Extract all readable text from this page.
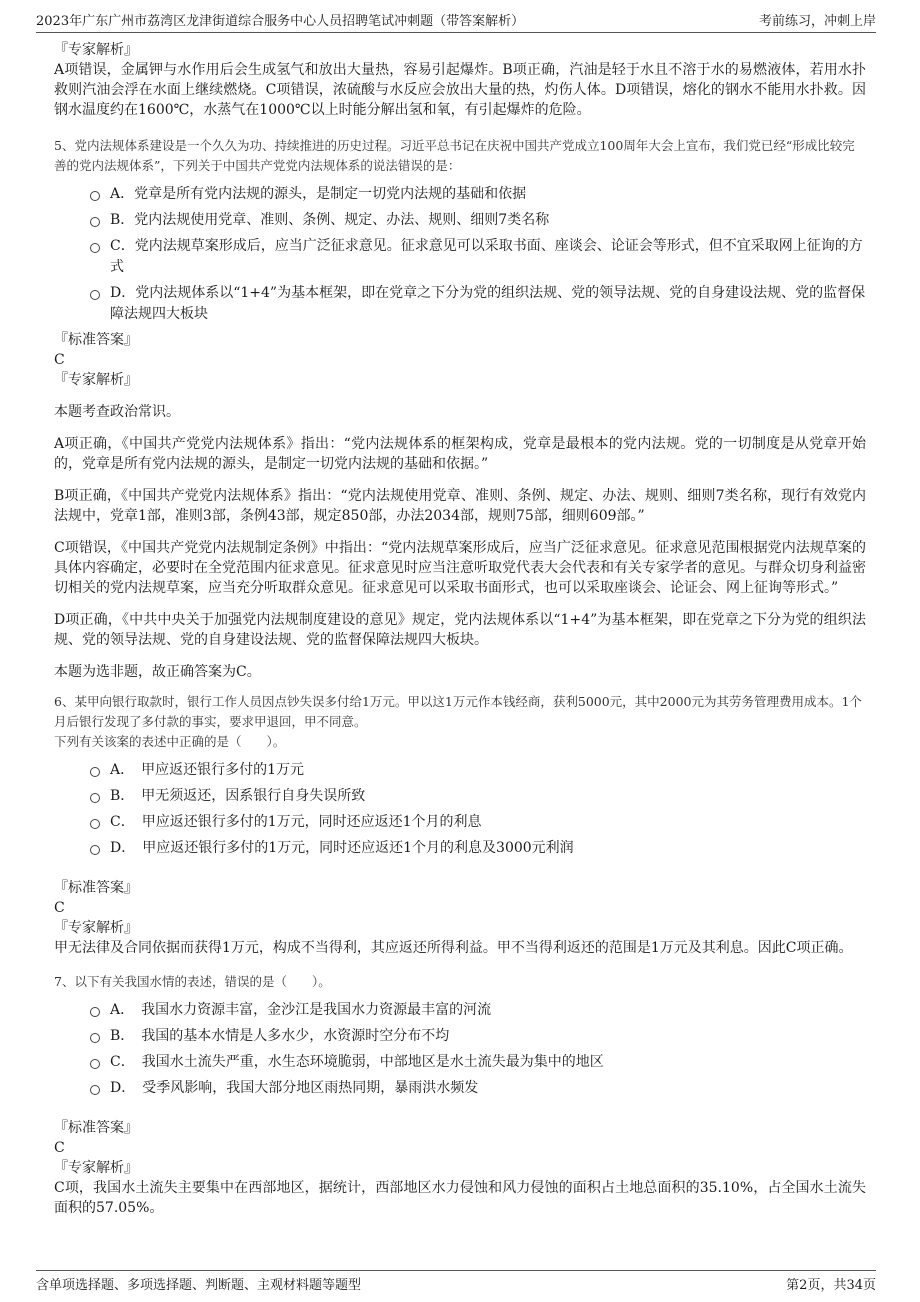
2023年广东广州市荔湾区龙津街道综合服务中心人员招聘笔试冲刺题（带答案解析）	考前练习，冲刺上岸

『专家解析』

A项错误，金属钾与水作用后会生成氢气和放出大量热，容易引起爆炸。B项正确，汽油是轻于水且不溶于水的易燃液体，若用水扑救则汽油会浮在水面上继续燃烧。C项错误，浓硫酸与水反应会放出大量的热，灼伤人体。D项错误，熔化的钢水不能用水扑救。因钢水温度约在1600℃，水蒸气在1000℃以上时能分解出氢和氧，有引起爆炸的危险。

5、党内法规体系建设是一个久久为功、持续推进的历史过程。习近平总书记在庆祝中国共产党成立100周年大会上宣布，我们党已经“形成比较完善的党内法规体系”，下列关于中国共产党党内法规体系的说法错误的是：

A．党章是所有党内法规的源头，是制定一切党内法规的基础和依据
B．党内法规使用党章、准则、条例、规定、办法、规则、细则7类名称
C．党内法规草案形成后，应当广泛征求意见。征求意见可以采取书面、座谈会、论证会等形式，但不宜采取网上征询的方式
D．党内法规体系以“1+4”为基本框架，即在党章之下分为党的组织法规、党的领导法规、党的自身建设法规、党的监督保障法规四大板块

『标准答案』

C

『专家解析』

本题考查政治常识。

A项正确，《中国共产党党内法规体系》指出：“党内法规体系的框架构成，党章是最根本的党内法规。党的一切制度是从党章开始的，党章是所有党内法规的源头，是制定一切党内法规的基础和依据。”

B项正确，《中国共产党党内法规体系》指出：“党内法规使用党章、准则、条例、规定、办法、规则、细则7类名称，现行有效党内法规中，党章1部，准则3部，条例43部，规定850部，办法2034部，规则75部，细则609部。”

C项错误，《中国共产党党内法规制定条例》中指出：“党内法规草案形成后，应当广泛征求意见。征求意见范围根据党内法规草案的具体内容确定，必要时在全党范围内征求意见。征求意见时应当注意听取党代表大会代表和有关专家学者的意见。与群众切身利益密切相关的党内法规草案，应当充分听取群众意见。征求意见可以采取书面形式，也可以采取座谈会、论证会、网上征询等形式。”

D项正确，《中共中央关于加强党内法规制度建设的意见》规定，党内法规体系以“1+4”为基本框架，即在党章之下分为党的组织法规、党的领导法规、党的自身建设法规、党的监督保障法规四大板块。

本题为选非题，故正确答案为C。

6、某甲向银行取款时，银行工作人员因点钞失误多付给1万元。甲以这1万元作本钱经商，获利5000元，其中2000元为其劳务管理费用成本。1个月后银行发现了多付款的事实，要求甲退回，甲不同意。

下列有关该案的表述中正确的是（　　）。

A．　甲应返还银行多付的1万元
B．　甲无须返还，因系银行自身失误所致
C．　甲应返还银行多付的1万元，同时还应返还1个月的利息
D．　甲应返还银行多付的1万元，同时还应返还1个月的利息及3000元利润

『标准答案』

C

『专家解析』

甲无法律及合同依据而获得1万元，构成不当得利，其应返还所得利益。甲不当得利返还的范围是1万元及其利息。因此C项正确。

7、以下有关我国水情的表述，错误的是（　　）。

A．　我国水力资源丰富，金沙江是我国水力资源最丰富的河流
B．　我国的基本水情是人多水少，水资源时空分布不均
C．　我国水土流失严重，水生态环境脆弱，中部地区是水土流失最为集中的地区
D．　受季风影响，我国大部分地区雨热同期，暴雨洪水频发

『标准答案』

C

『专家解析』

C项，我国水土流失主要集中在西部地区，据统计，西部地区水力侵蚀和风力侵蚀的面积占土地总面积的35.10%，占全国水土流失面积的57.05%。

含单项选择题、多项选择题、判断题、主观材料题等题型	第2页，共34页
